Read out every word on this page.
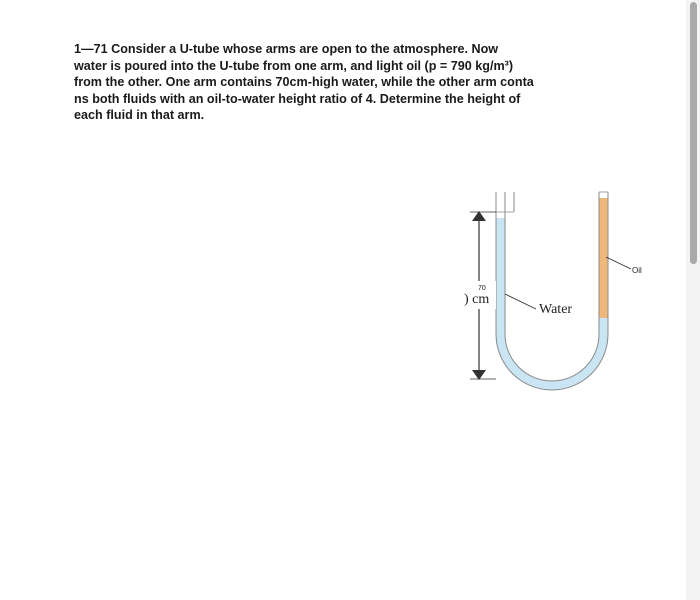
1—71 Consider a U-tube whose arms are open to the atmosphere. Now
water is poured into the U-tube from one arm, and light oil (p = 790 kg/m³)
from the other. One arm contains 70cm-high water, while the other arm conta
ns both fluids with an oil-to-water height ratio of 4. Determine the height of
each fluid in that arm.
70
) cm
Water
Oil
